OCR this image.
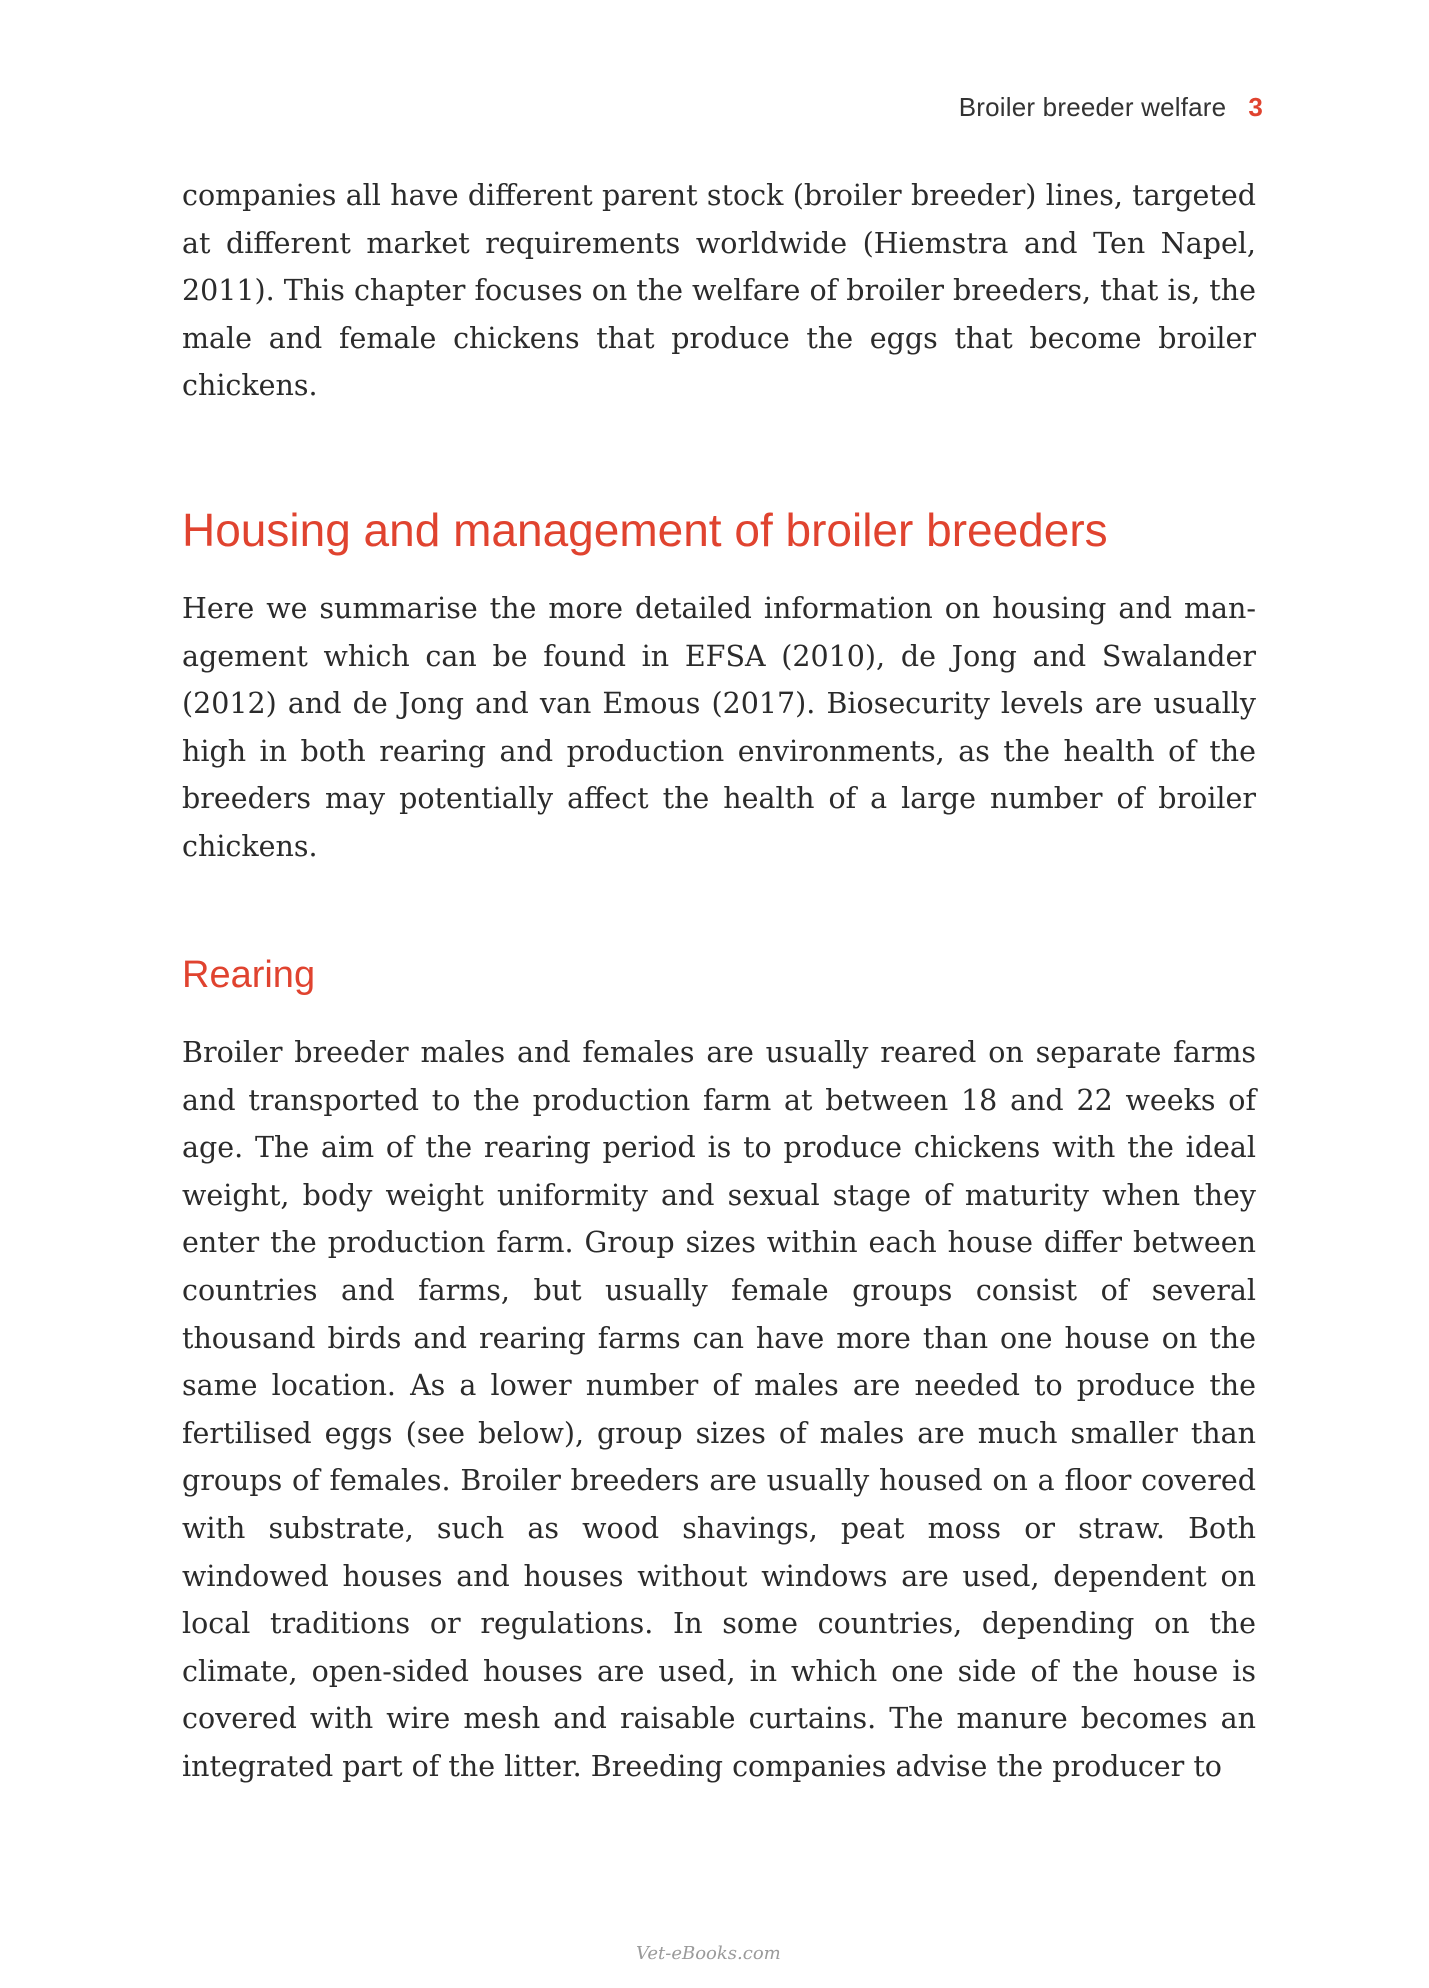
Broiler breeder welfare 3

companies all have different parent stock (broiler breeder) lines, targeted at different market requirements worldwide (Hiemstra and Ten Napel, 2011). This chapter focuses on the welfare of broiler breeders, that is, the male and female chickens that produce the eggs that become broiler chickens.

Housing and management of broiler breeders

Here we summarise the more detailed information on housing and management which can be found in EFSA (2010), de Jong and Swalander (2012) and de Jong and van Emous (2017). Biosecurity levels are usually high in both rearing and production environments, as the health of the breeders may potentially affect the health of a large number of broiler chickens.

Rearing

Broiler breeder males and females are usually reared on separate farms and transported to the production farm at between 18 and 22 weeks of age. The aim of the rearing period is to produce chickens with the ideal weight, body weight uniformity and sexual stage of maturity when they enter the production farm. Group sizes within each house differ between countries and farms, but usually female groups consist of several thousand birds and rearing farms can have more than one house on the same location. As a lower number of males are needed to produce the fertilised eggs (see below), group sizes of males are much smaller than groups of females. Broiler breeders are usually housed on a floor covered with substrate, such as wood shavings, peat moss or straw. Both windowed houses and houses without windows are used, dependent on local traditions or regulations. In some countries, depending on the climate, open-sided houses are used, in which one side of the house is covered with wire mesh and raisable curtains. The manure becomes an integrated part of the litter. Breeding companies advise the producer to

Vet-eBooks.com
